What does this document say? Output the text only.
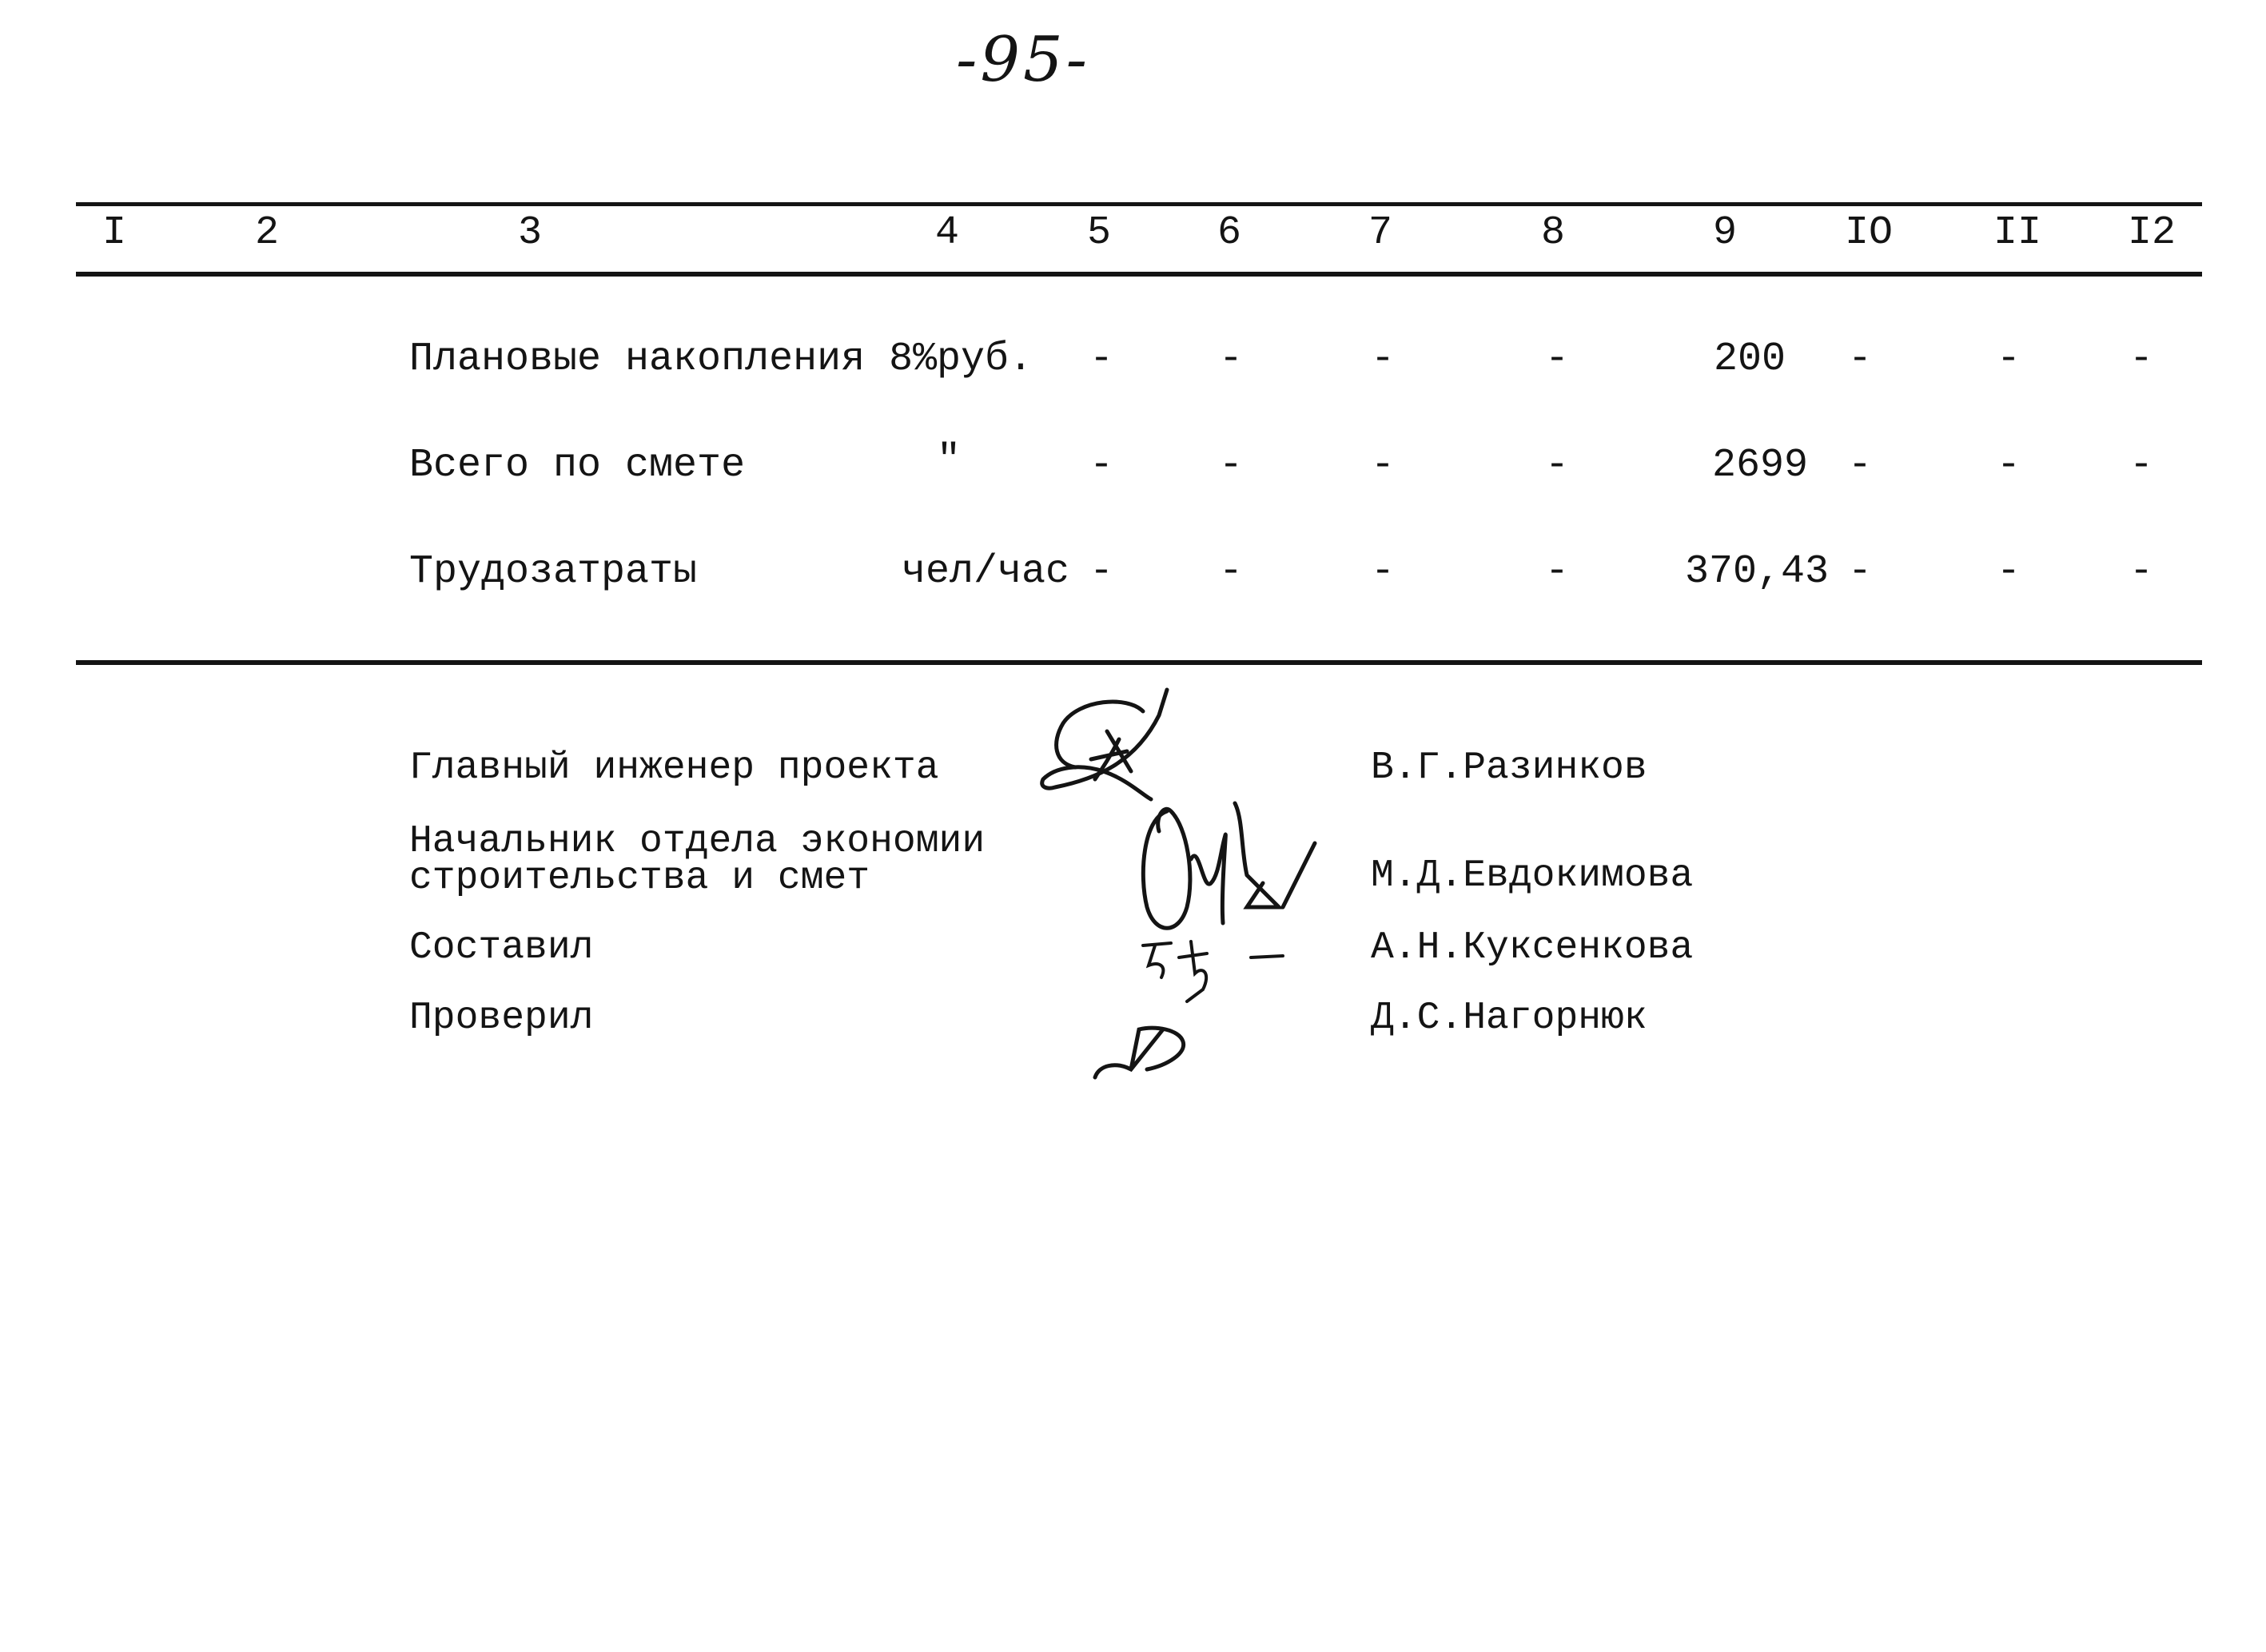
-95-
I	2	3	4	5	6	7	8	9	IO	II I2
Плановые накопления 8% руб. -	-	-	-	200 -	-	-
Всего по смете	"	-	-	-	-	2699 -	-	-
Трудозатраты	чел/час -	-	-	-	370,43 -	-	-
Главный инженер проекта	В.Г.Разинков
Начальник отдела экономии
строительства и смет	М.Д.Евдокимова
Составил	А.Н.Куксенкова
Проверил	Д.С.Нагорнюк
